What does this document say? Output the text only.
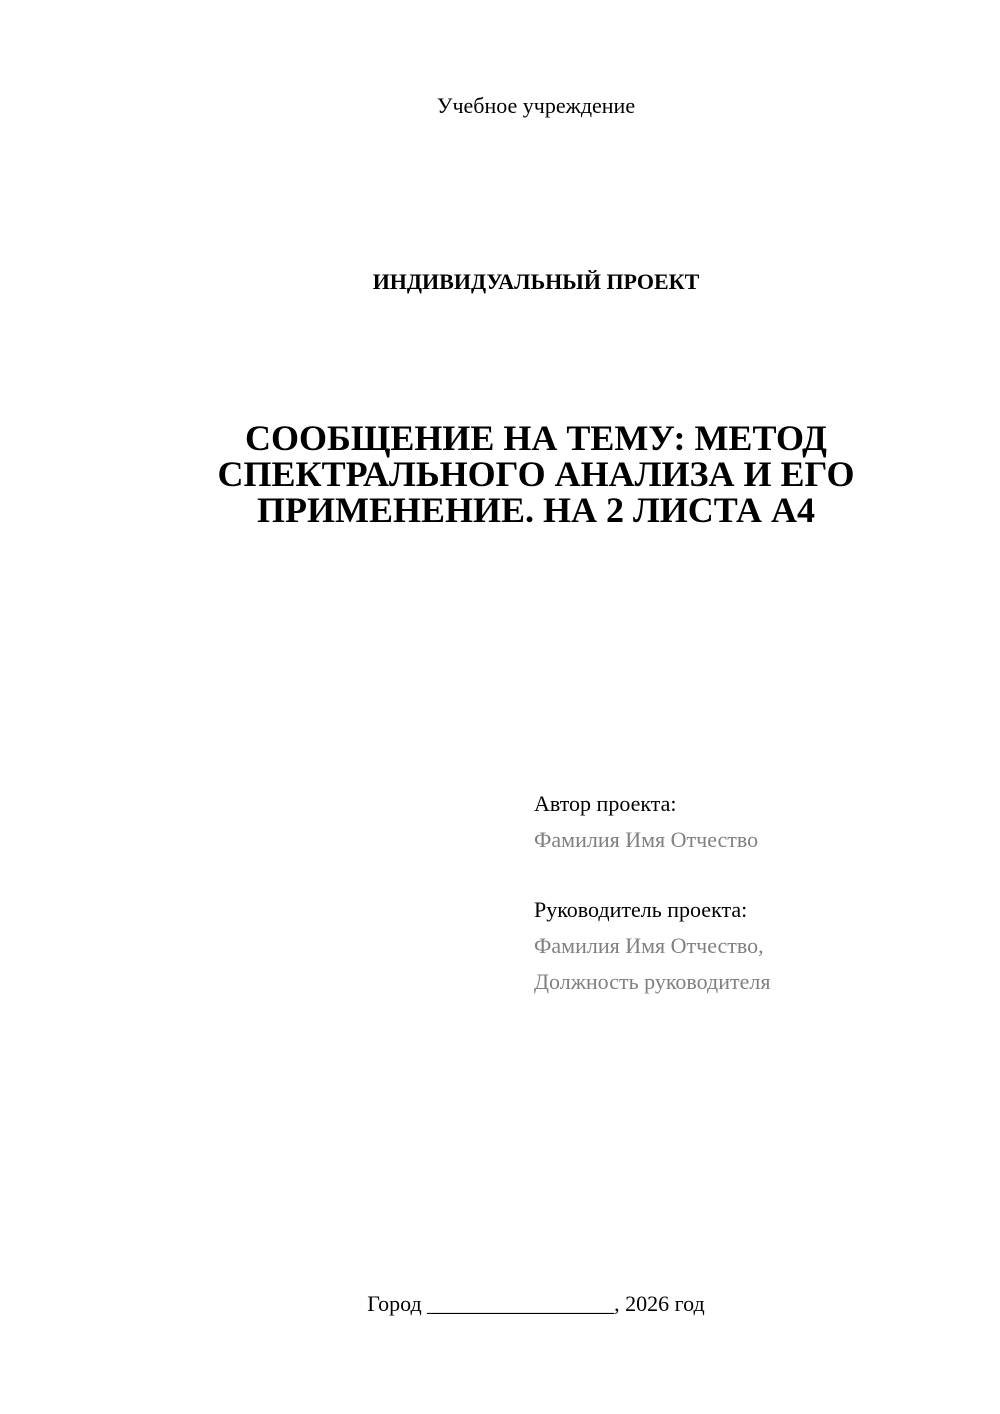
Учебное учреждение
ИНДИВИДУАЛЬНЫЙ ПРОЕКТ
СООБЩЕНИЕ НА ТЕМУ: МЕТОД СПЕКТРАЛЬНОГО АНАЛИЗА И ЕГО ПРИМЕНЕНИЕ. НА 2 ЛИСТА А4
Автор проекта:
Фамилия Имя Отчество
Руководитель проекта:
Фамилия Имя Отчество,
Должность руководителя
Город _________________, 2026 год
